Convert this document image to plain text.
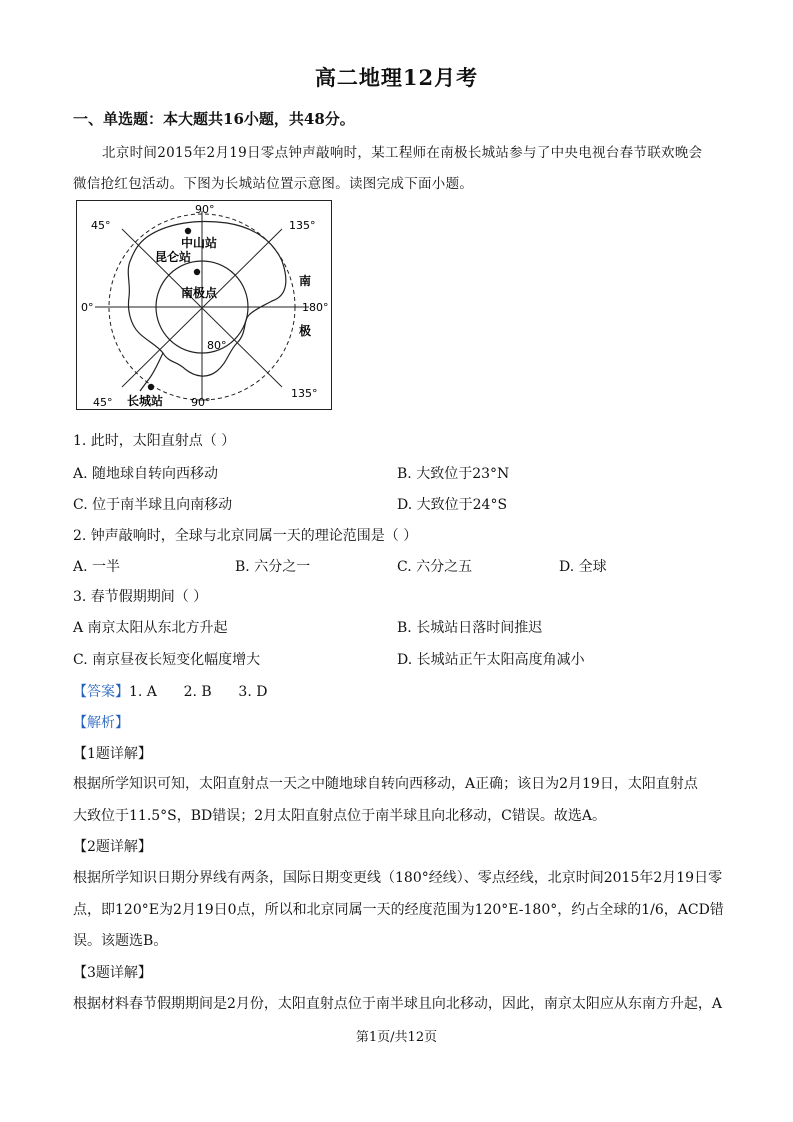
高二地理12月考
一、单选题：本大题共16小题，共48分。
北京时间2015年2月19日零点钟声敲响时，某工程师在南极长城站参与了中央电视台春节联欢晚会
微信抢红包活动。下图为长城站位置示意图。读图完成下面小题。
90°
90°
45°
45°
135°
135°
0°	180°
80°
中山站
昆仑站
南极点
长城站
南
极
1. 此时，太阳直射点（ ）
A. 随地球自转向西移动	B. 大致位于23°N
C. 位于南半球且向南移动	D. 大致位于24°S
2. 钟声敲响时，全球与北京同属一天的理论范围是（ ）
A. 一半	B. 六分之一	C. 六分之五	D. 全球
3. 春节假期期间（ ）
A 南京太阳从东北方升起	B. 长城站日落时间推迟
C. 南京昼夜长短变化幅度增大	D. 长城站正午太阳高度角减小
【答案】1. A      2. B      3. D
【解析】
【1题详解】
根据所学知识可知，太阳直射点一天之中随地球自转向西移动，A正确；该日为2月19日，太阳直射点
大致位于11.5°S，BD错误；2月太阳直射点位于南半球且向北移动，C错误。故选A。
【2题详解】
根据所学知识日期分界线有两条，国际日期变更线（180°经线）、零点经线，北京时间2015年2月19日零
点，即120°E为2月19日0点，所以和北京同属一天的经度范围为120°E-180°，约占全球的1/6，ACD错
误。该题选B。
【3题详解】
根据材料春节假期期间是2月份，太阳直射点位于南半球且向北移动，因此，南京太阳应从东南方升起，A
第1页/共12页
